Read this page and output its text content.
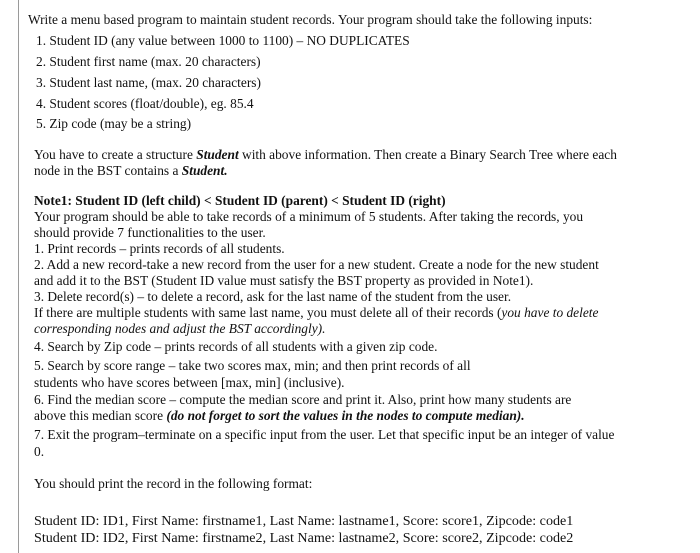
Write a menu based program to maintain student records. Your program should take the following inputs:
1. Student ID (any value between 1000 to 1100) – NO DUPLICATES
2. Student first name (max. 20 characters)
3. Student last name, (max. 20 characters)
4. Student scores (float/double), eg. 85.4
5. Zip code (may be a string)
You have to create a structure Student with above information. Then create a Binary Search Tree where each
node in the BST contains a Student.
Note1: Student ID (left child) < Student ID (parent) < Student ID (right)
Your program should be able to take records of a minimum of 5 students. After taking the records, you
should provide 7 functionalities to the user.
1. Print records – prints records of all students.
2. Add a new record-take a new record from the user for a new student. Create a node for the new student
and add it to the BST (Student ID value must satisfy the BST property as provided in Note1).
3. Delete record(s) – to delete a record, ask for the last name of the student from the user.
If there are multiple students with same last name, you must delete all of their records (you have to delete
corresponding nodes and adjust the BST accordingly).
4. Search by Zip code – prints records of all students with a given zip code.
5. Search by score range – take two scores max, min; and then print records of all
students who have scores between [max, min] (inclusive).
6. Find the median score – compute the median score and print it. Also, print how many students are
above this median score (do not forget to sort the values in the nodes to compute median).
7. Exit the program–terminate on a specific input from the user. Let that specific input be an integer of value
0.
You should print the record in the following format:
Student ID: ID1, First Name: firstname1, Last Name: lastname1, Score: score1, Zipcode: code1
Student ID: ID2, First Name: firstname2, Last Name: lastname2, Score: score2, Zipcode: code2
